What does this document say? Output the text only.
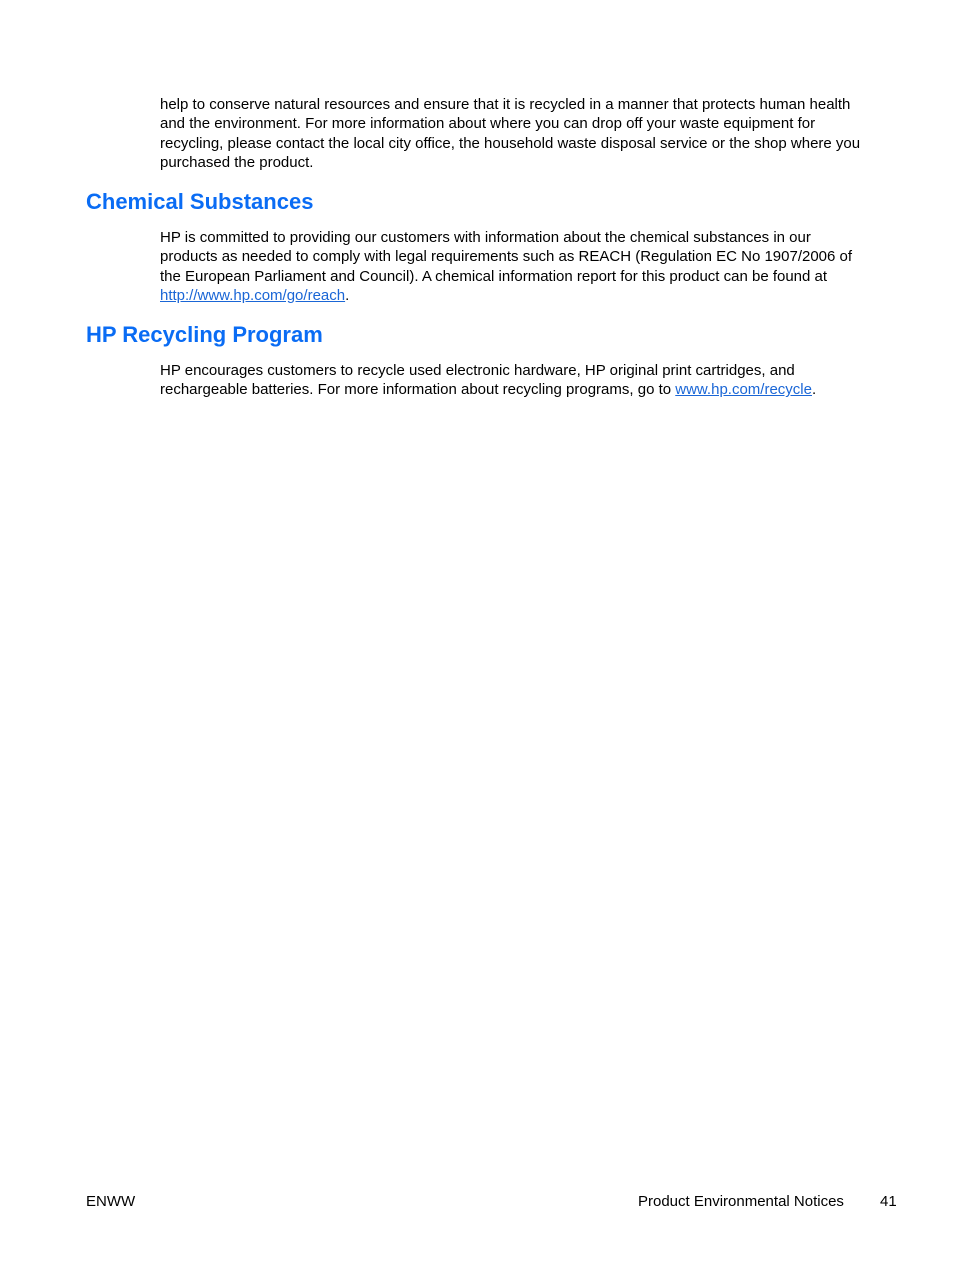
help to conserve natural resources and ensure that it is recycled in a manner that protects human health and the environment. For more information about where you can drop off your waste equipment for recycling, please contact the local city office, the household waste disposal service or the shop where you purchased the product.

Chemical Substances

HP is committed to providing our customers with information about the chemical substances in our products as needed to comply with legal requirements such as REACH (Regulation EC No 1907/2006 of the European Parliament and Council). A chemical information report for this product can be found at http://www.hp.com/go/reach.

HP Recycling Program

HP encourages customers to recycle used electronic hardware, HP original print cartridges, and rechargeable batteries. For more information about recycling programs, go to www.hp.com/recycle.

ENWW	Product Environmental Notices 41
